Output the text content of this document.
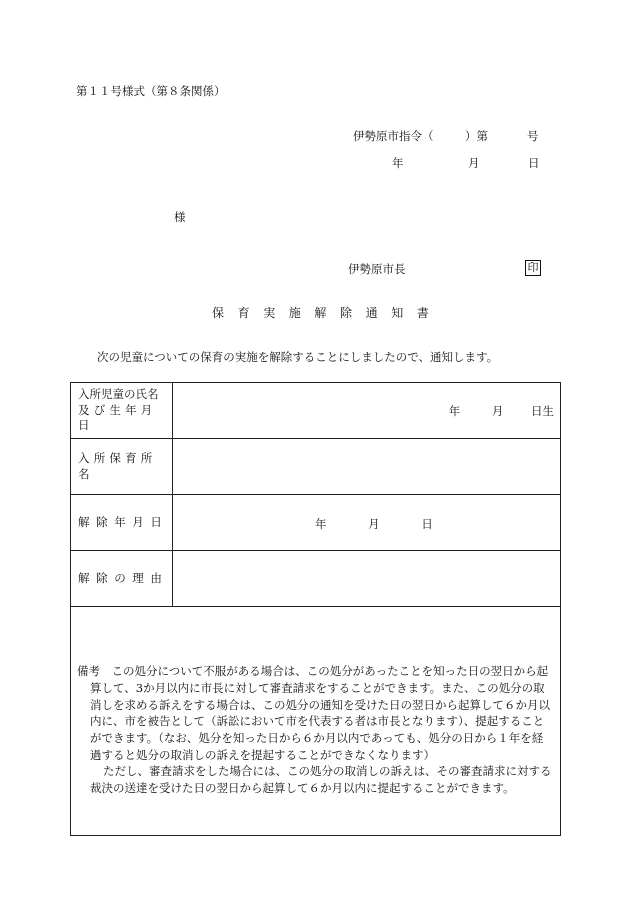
第１１号様式（第８条関係）
伊勢原市指令（	）第	号
年	月	日
様
伊勢原市長	印
保育実施解除通知書
次の児童についての保育の実施を解除することにしましたので、通知します。
入所児童の氏名
及び生年月日	年 月 日生

入所保育所名	
解除年月日	年 月 日

解除の理由	

備考　この処分について不服がある場合は、この処分があったことを知った日の翌日から起算して、3か月以内に市長に対して審査請求をすることができます。また、この処分の取消しを求める訴えをする場合は、この処分の通知を受けた日の翌日から起算して６か月以内に、市を被告として（訴訟において市を代表する者は市長となります）、提起することができます。（なお、処分を知った日から６か月以内であっても、処分の日から１年を経過すると処分の取消しの訴えを提起することができなくなります）

ただし、審査請求をした場合には、この処分の取消しの訴えは、その審査請求に対する裁決の送達を受けた日の翌日から起算して６か月以内に提起することができます。	
